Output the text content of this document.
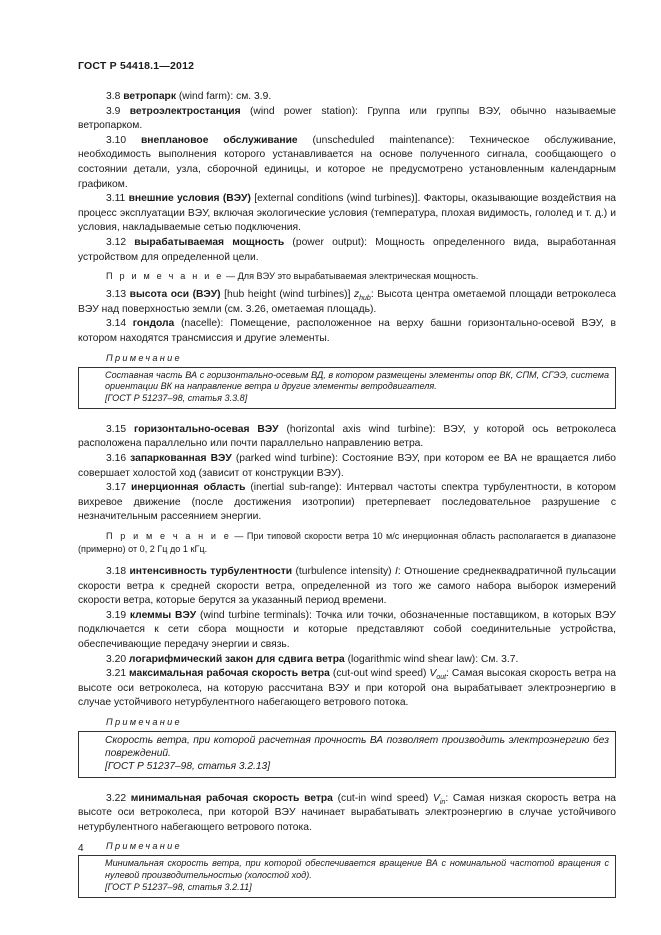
ГОСТ Р 54418.1—2012

3.8 ветропарк (wind farm): см. 3.9.

3.9 ветроэлектростанция (wind power station): Группа или группы ВЭУ, обычно называемые ветропарком.

3.10 внеплановое обслуживание (unscheduled maintenance): Техническое обслуживание, необходимость выполнения которого устанавливается на основе полученного сигнала, сообщающего о состоянии детали, узла, сборочной единицы, и которое не предусмотрено установленным календарным графиком.

3.11 внешние условия (ВЭУ) [external conditions (wind turbines)]. Факторы, оказывающие воздействия на процесс эксплуатации ВЭУ, включая экологические условия (температура, плохая видимость, гололед и т. д.) и условия, накладываемые сетью подключения.

3.12 вырабатываемая мощность (power output): Мощность определенного вида, выработанная устройством для определенной цели.

П р и м е ч а н и е — Для ВЭУ это вырабатываемая электрическая мощность.

3.13 высота оси (ВЭУ) [hub height (wind turbines)] $z_{hub}$: Высота центра ометаемой площади ветроколеса ВЭУ над поверхностью земли (см. 3.26, ометаемая площадь).

3.14 гондола (nacelle): Помещение, расположенное на верху башни горизонтально-осевой ВЭУ, в котором находятся трансмиссия и другие элементы.

Примечание
Составная часть ВА с горизонтально-осевым ВД, в котором размещены элементы опор ВК, СПМ, СГЭЭ, система ориентации ВК на направление ветра и другие элементы ветродвигателя.
[ГОСТ Р 51237–98, статья 3.3.8]

3.15 горизонтально-осевая ВЭУ (horizontal axis wind turbine): ВЭУ, у которой ось ветроколеса расположена параллельно или почти параллельно направлению ветра.

3.16 запаркованная ВЭУ (parked wind turbine): Состояние ВЭУ, при котором ее ВА не вращается либо совершает холостой ход (зависит от конструкции ВЭУ).

3.17 инерционная область (inertial sub-range): Интервал частоты спектра турбулентности, в котором вихревое движение (после достижения изотропии) претерпевает последовательное разрушение с незначительным рассеянием энергии.

П р и м е ч а н и е — При типовой скорости ветра 10 м/с инерционная область располагается в диапазоне (примерно) от 0, 2 Гц до 1 кГц.

3.18 интенсивность турбулентности (turbulence intensity) I: Отношение среднеквадратичной пульсации скорости ветра к средней скорости ветра, определенной из того же самого набора выборок измерений скорости ветра, которые берутся за указанный период времени.

3.19 клеммы ВЭУ (wind turbine terminals): Точка или точки, обозначенные поставщиком, в которых ВЭУ подключается к сети сбора мощности и которые представляют собой соединительные устройства, обеспечивающие передачу энергии и связь.

3.20 логарифмический закон для сдвига ветра (logarithmic wind shear law): См. 3.7.

3.21 максимальная рабочая скорость ветра (cut-out wind speed) $V_{out}$: Самая высокая скорость ветра на высоте оси ветроколеса, на которую рассчитана ВЭУ и при которой она вырабатывает электроэнергию в случае устойчивого нетурбулентного набегающего ветрового потока.

Примечание
Скорость ветра, при которой расчетная прочность ВА позволяет производить электроэнергию без повреждений.
[ГОСТ Р 51237–98, статья 3.2.13]

3.22 минимальная рабочая скорость ветра (cut-in wind speed) $V_{in}$: Самая низкая скорость ветра на высоте оси ветроколеса, при которой ВЭУ начинает вырабатывать электроэнергию в случае устойчивого нетурбулентного набегающего ветрового потока.

Примечание
Минимальная скорость ветра, при которой обеспечивается вращение ВА с номинальной частотой вращения с нулевой производительностью (холостой ход).
[ГОСТ Р 51237–98, статья 3.2.11]
4
